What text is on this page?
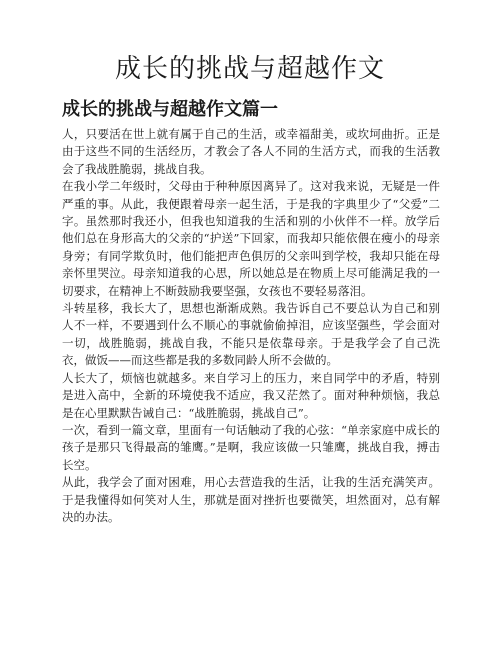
成长的挑战与超越作文
成长的挑战与超越作文篇一

人，只要活在世上就有属于自己的生活，或幸福甜美，或坎坷曲折。正是由于这些不同的生活经历，才教会了各人不同的生活方式，而我的生活教会了我战胜脆弱，挑战自我。

在我小学二年级时，父母由于种种原因离异了。这对我来说，无疑是一件严重的事。从此，我便跟着母亲一起生活，于是我的字典里少了“父爱”二字。虽然那时我还小，但我也知道我的生活和别的小伙伴不一样。放学后他们总在身形高大的父亲的“护送”下回家，而我却只能依偎在瘦小的母亲身旁；有同学欺负时，他们能把声色俱厉的父亲叫到学校，我却只能在母亲怀里哭泣。母亲知道我的心思，所以她总是在物质上尽可能满足我的一切要求，在精神上不断鼓励我要坚强，女孩也不要轻易落泪。

斗转星移，我长大了，思想也渐渐成熟。我告诉自己不要总认为自己和别人不一样，不要遇到什么不顺心的事就偷偷掉泪，应该坚强些，学会面对一切，战胜脆弱，挑战自我，不能只是依靠母亲。于是我学会了自己洗衣，做饭——而这些都是我的多数同龄人所不会做的。

人长大了，烦恼也就越多。来自学习上的压力，来自同学中的矛盾，特别是进入高中，全新的环境使我不适应，我又茫然了。面对种种烦恼，我总是在心里默默告诫自己：“战胜脆弱，挑战自己”。

一次，看到一篇文章，里面有一句话触动了我的心弦：“单亲家庭中成长的孩子是那只飞得最高的雏鹰。”是啊，我应该做一只雏鹰，挑战自我，搏击长空。

从此，我学会了面对困难，用心去营造我的生活，让我的生活充满笑声。于是我懂得如何笑对人生，那就是面对挫折也要微笑，坦然面对，总有解决的办法。
